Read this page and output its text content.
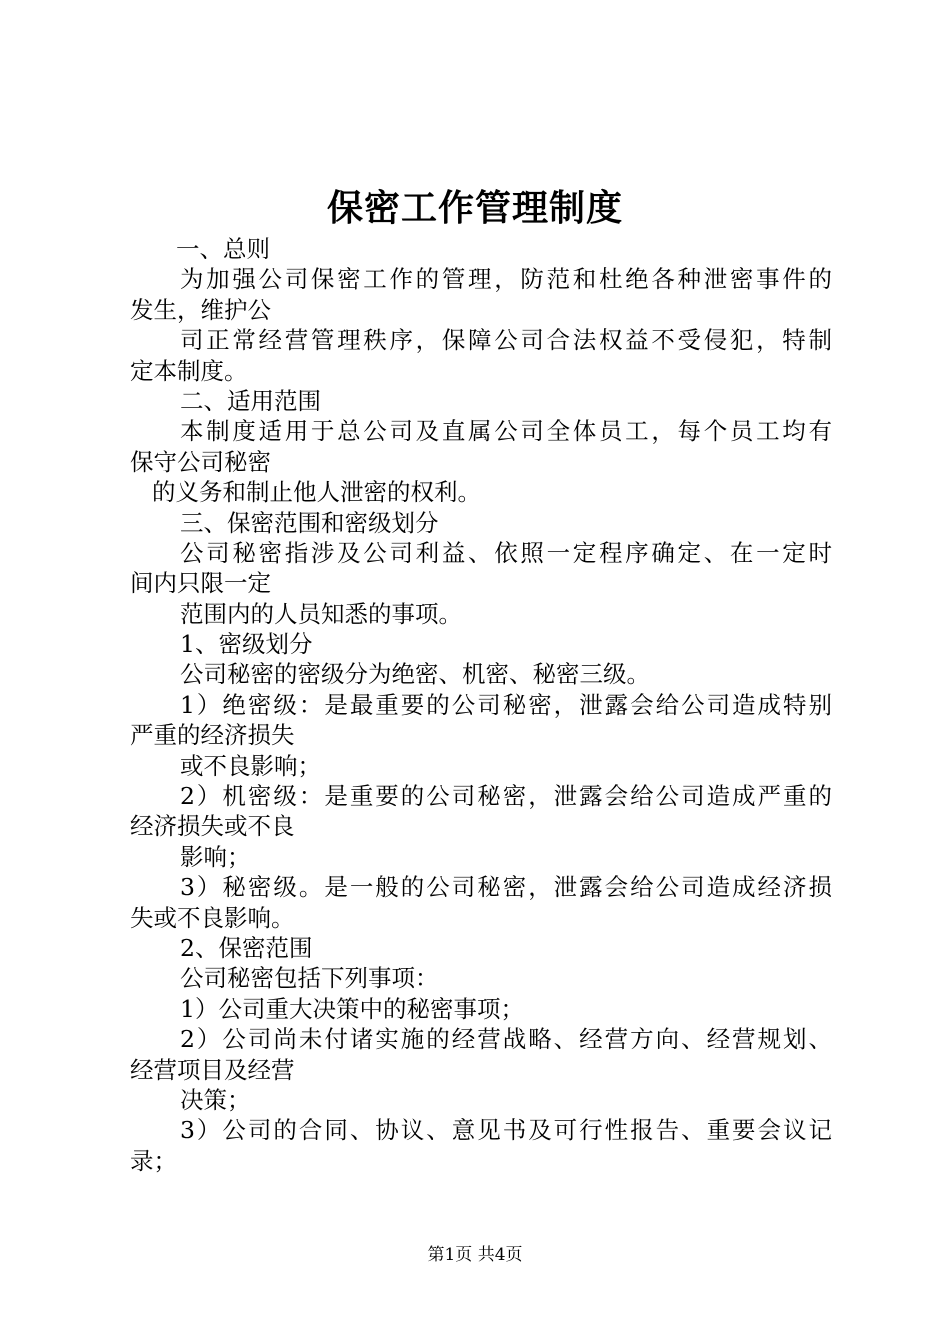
保密工作管理制度
一、总则
为加强公司保密工作的管理，防范和杜绝各种泄密事件的
发生，维护公
司正常经营管理秩序，保障公司合法权益不受侵犯，特制
定本制度。
二、适用范围
本制度适用于总公司及直属公司全体员工，每个员工均有
保守公司秘密
的义务和制止他人泄密的权利。
三、保密范围和密级划分
公司秘密指涉及公司利益、依照一定程序确定、在一定时
间内只限一定
范围内的人员知悉的事项。
1、密级划分
公司秘密的密级分为绝密、机密、秘密三级。
1）绝密级：是最重要的公司秘密，泄露会给公司造成特别
严重的经济损失
或不良影响；
2）机密级：是重要的公司秘密，泄露会给公司造成严重的
经济损失或不良
影响；
3）秘密级。是一般的公司秘密，泄露会给公司造成经济损
失或不良影响。
2、保密范围
公司秘密包括下列事项：
1）公司重大决策中的秘密事项；
2）公司尚未付诸实施的经营战略、经营方向、经营规划、
经营项目及经营
决策；
3）公司的合同、协议、意见书及可行性报告、重要会议记
录；
第1页 共4页
